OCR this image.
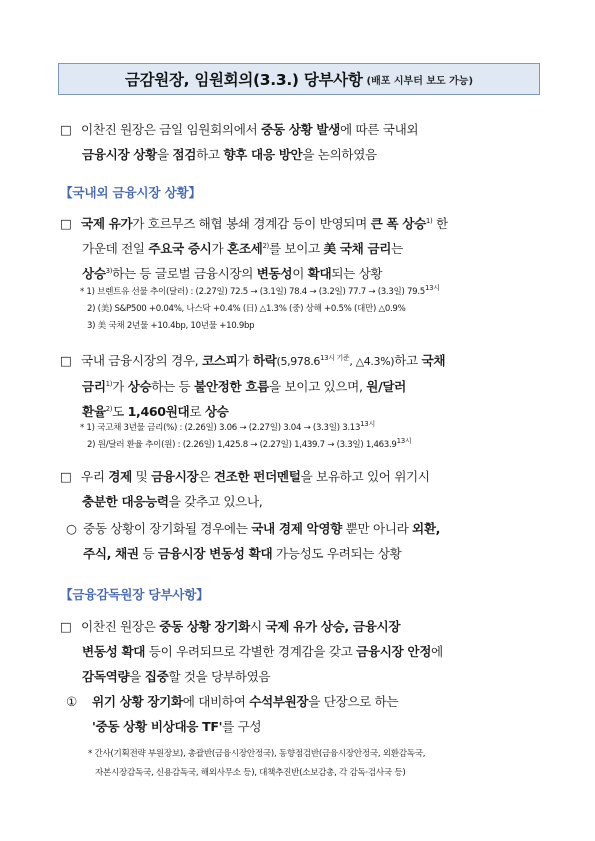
금감원장, 임원회의(3.3.) 당부사항 (배포 시부터 보도 가능)
□ 이찬진 원장은 금일 임원회의에서 중동 상황 발생에 따른 국내외
금융시장 상황을 점검하고 향후 대응 방안을 논의하였음
【국내외 금융시장 상황】
□ 국제 유가가 호르무즈 해협 봉쇄 경계감 등이 반영되며 큰 폭 상승$^{1)}$ 한
가운데 전일 주요국 증시가 혼조세$^{2)}$를 보이고 美 국채 금리는
상승$^{3)}$하는 등 글로벌 금융시장의 변동성이 확대되는 상황
* 1) 브렌트유 선물 추이(달러) : (2.27일) 72.5 → (3.1일) 78.4 → (3.2일) 77.7 → (3.3일) $79.5^{13시}$
2) (美) S&P500 +0.04%, 나스닥 +0.4% (日) △1.3% (중) 상해 +0.5% (대만) △0.9%
3) 美 국채 2년물 +10.4bp, 10년물 +10.9bp
□ 국내 금융시장의 경우, 코스피가 하락($5,978.6^{13시 기준}$, △4.3%)하고 국채
금리$^{1)}$가 상승하는 등 불안정한 흐름을 보이고 있으며, 원/달러
환율$^{2)}$도 1,460원대로 상승
* 1) 국고채 3년물 금리(%) : (2.26일) 3.06 → (2.27일) 3.04 → (3.3일) $3.13^{13시}$
2) 원/달러 환율 추이(원) : (2.26일) 1,425.8 → (2.27일) 1,439.7 → (3.3일) $1,463.9^{13시}$
□ 우리 경제 및 금융시장은 견조한 펀더멘털을 보유하고 있어 위기시
충분한 대응능력을 갖추고 있으나,
○ 중동 상황이 장기화될 경우에는 국내 경제 악영향 뿐만 아니라 외환,
주식, 채권 등 금융시장 변동성 확대 가능성도 우려되는 상황
【금융감독원장 당부사항】
□ 이찬진 원장은 중동 상황 장기화시 국제 유가 상승, 금융시장
변동성 확대 등이 우려되므로 각별한 경계감을 갖고 금융시장 안정에
감독역량을 집중할 것을 당부하였음
① 위기 상황 장기화에 대비하여 수석부원장을 단장으로 하는
'중동 상황 비상대응 TF'를 구성
* 간사(기획전략 부원장보), 총괄반(금융시장안정국), 동향점검반(금융시장안정국, 외환감독국,
자본시장감독국, 신용감독국, 해외사무소 등), 대책추진반(소보감총, 각 감독·검사국 등)
